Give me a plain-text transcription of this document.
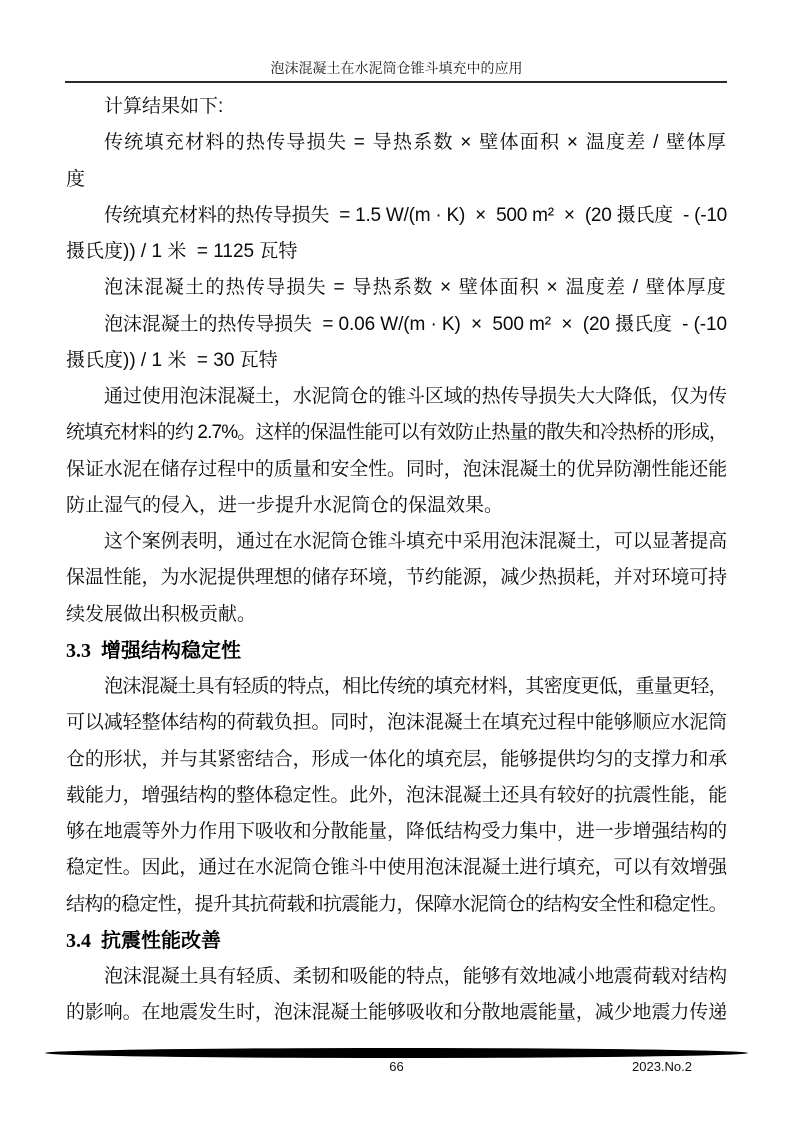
泡沫混凝土在水泥筒仓锥斗填充中的应用
计算结果如下:
传统填充材料的热传导损失 = 导热系数 × 壁体面积 × 温度差 / 壁体厚
度
传统填充材料的热传导损失  = 1.5 W/(m · K)  ×  500 m²  ×  (20 摄氏度  - (-10
摄氏度)) / 1 米  = 1125 瓦特
泡沫混凝土的热传导损失 = 导热系数 × 壁体面积 × 温度差 / 壁体厚度
泡沫混凝土的热传导损失  = 0.06 W/(m · K)  ×  500 m²  ×  (20 摄氏度  - (-10
摄氏度)) / 1 米  = 30 瓦特
通过使用泡沫混凝土，水泥筒仓的锥斗区域的热传导损失大大降低，仅为传
统填充材料的约 2.7%。这样的保温性能可以有效防止热量的散失和冷热桥的形成，
保证水泥在储存过程中的质量和安全性。同时，泡沫混凝土的优异防潮性能还能
防止湿气的侵入，进一步提升水泥筒仓的保温效果。
这个案例表明，通过在水泥筒仓锥斗填充中采用泡沫混凝土，可以显著提高
保温性能，为水泥提供理想的储存环境，节约能源，减少热损耗，并对环境可持
续发展做出积极贡献。
3.3  增强结构稳定性
泡沫混凝土具有轻质的特点，相比传统的填充材料，其密度更低，重量更轻，
可以减轻整体结构的荷载负担。同时，泡沫混凝土在填充过程中能够顺应水泥筒
仓的形状，并与其紧密结合，形成一体化的填充层，能够提供均匀的支撑力和承
载能力，增强结构的整体稳定性。此外，泡沫混凝土还具有较好的抗震性能，能
够在地震等外力作用下吸收和分散能量，降低结构受力集中，进一步增强结构的
稳定性。因此，通过在水泥筒仓锥斗中使用泡沫混凝土进行填充，可以有效增强
结构的稳定性，提升其抗荷载和抗震能力，保障水泥筒仓的结构安全性和稳定性。
3.4  抗震性能改善
泡沫混凝土具有轻质、柔韧和吸能的特点，能够有效地减小地震荷载对结构
的影响。在地震发生时，泡沫混凝土能够吸收和分散地震能量，减少地震力传递
66	2023.No.2
